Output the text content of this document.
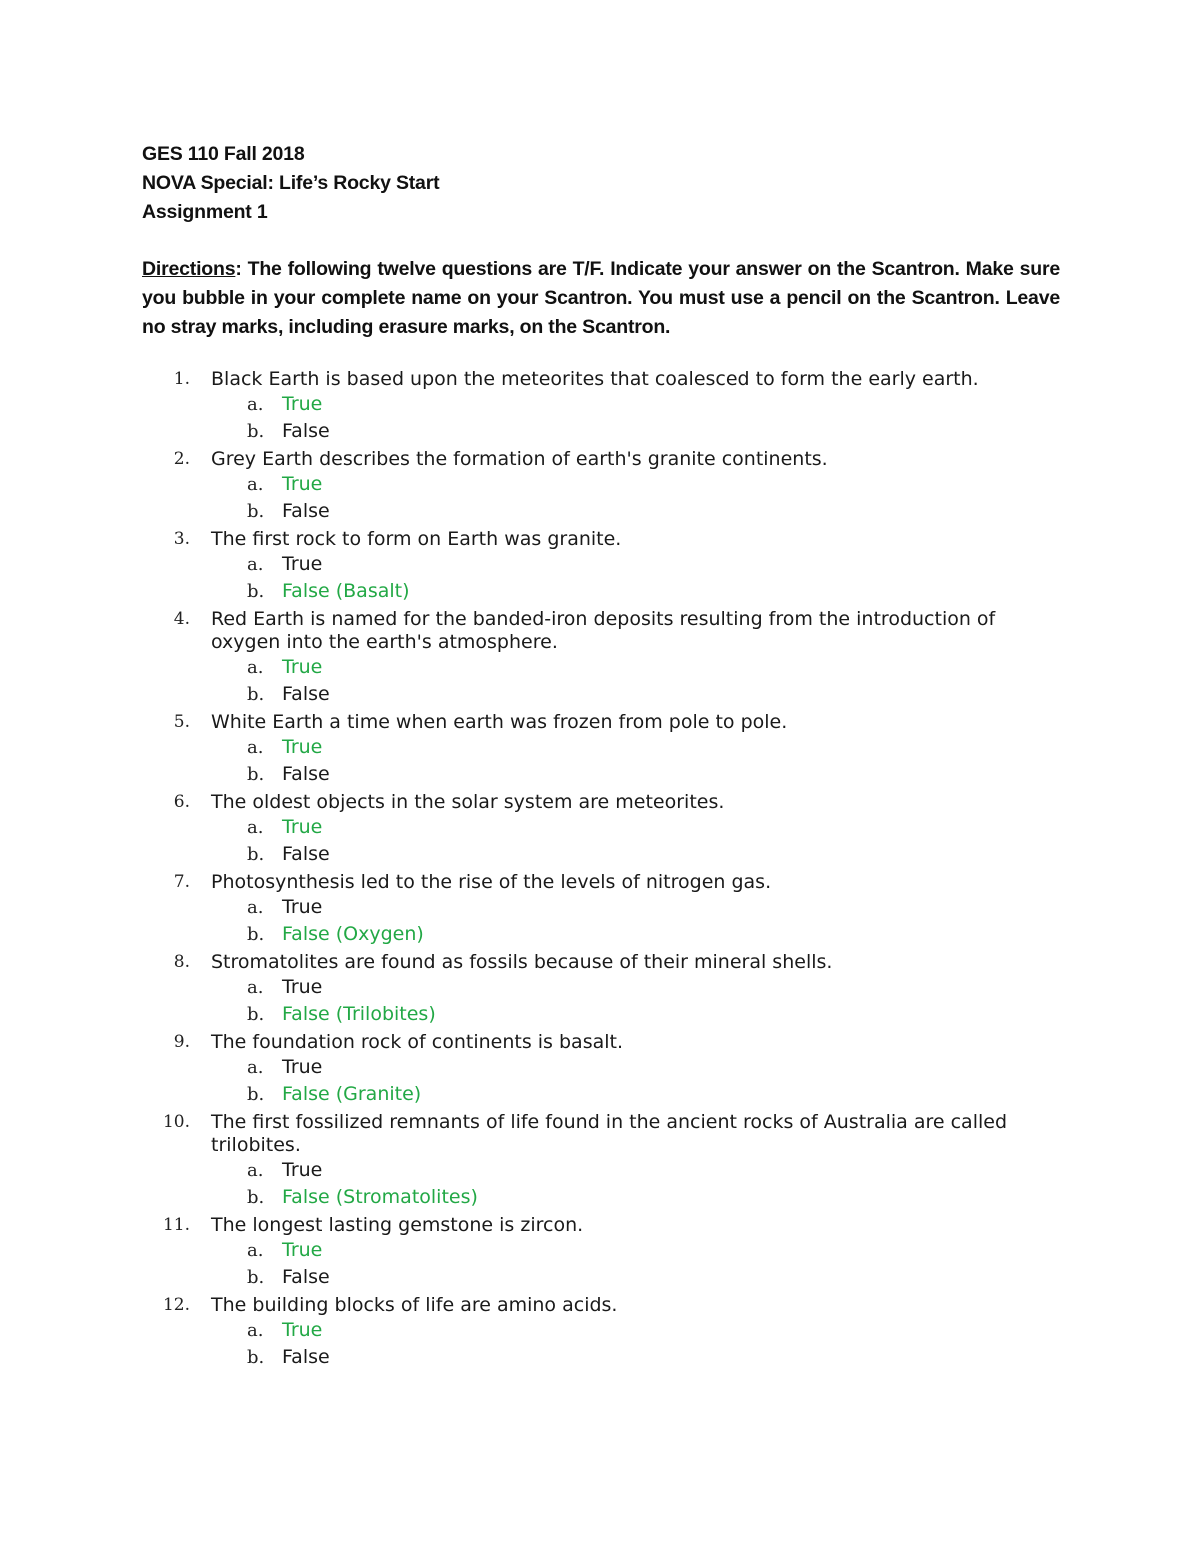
GES 110 Fall 2018
NOVA Special: Life’s Rocky Start
Assignment 1
Directions: The following twelve questions are T/F. Indicate your answer on the Scantron. Make sure you bubble in your complete name on your Scantron. You must use a pencil on the Scantron. Leave no stray marks, including erasure marks, on the Scantron.
1. Black Earth is based upon the meteorites that coalesced to form the early earth.
a. True
b. False
2. Grey Earth describes the formation of earth's granite continents.
a. True
b. False
3. The first rock to form on Earth was granite.
a. True
b. False (Basalt)
4. Red Earth is named for the banded-iron deposits resulting from the introduction of oxygen into the earth's atmosphere.
a. True
b. False
5. White Earth a time when earth was frozen from pole to pole.
a. True
b. False
6. The oldest objects in the solar system are meteorites.
a. True
b. False
7. Photosynthesis led to the rise of the levels of nitrogen gas.
a. True
b. False (Oxygen)
8. Stromatolites are found as fossils because of their mineral shells.
a. True
b. False (Trilobites)
9. The foundation rock of continents is basalt.
a. True
b. False (Granite)
10. The first fossilized remnants of life found in the ancient rocks of Australia are called trilobites.
a. True
b. False (Stromatolites)
11. The longest lasting gemstone is zircon.
a. True
b. False
12. The building blocks of life are amino acids.
a. True
b. False
